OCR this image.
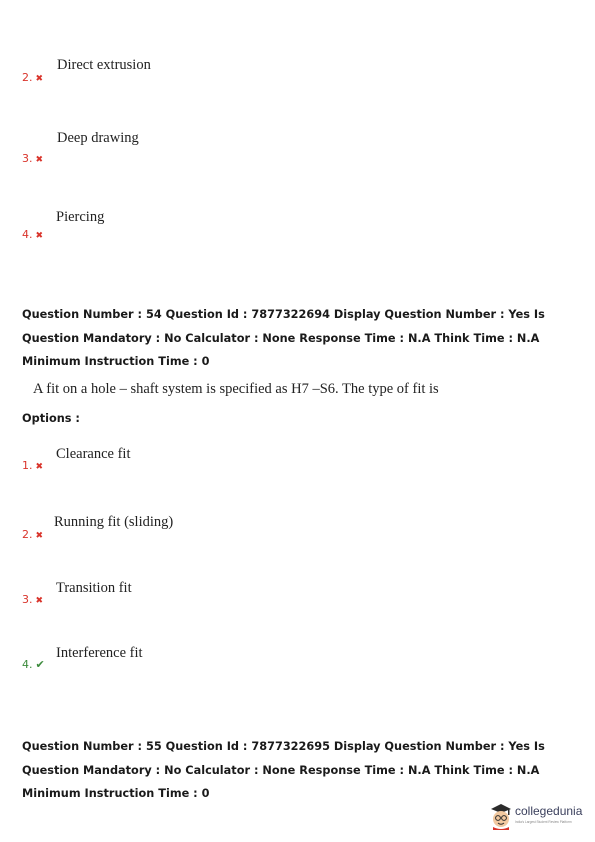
Direct extrusion
2. ✖
Deep drawing
3. ✖
Piercing
4. ✖
Question Number : 54 Question Id : 7877322694 Display Question Number : Yes Is Question Mandatory : No Calculator : None Response Time : N.A Think Time : N.A Minimum Instruction Time : 0
A fit on a hole – shaft system is specified as H7 –S6. The type of fit is
Options :
Clearance fit
1. ✖
Running fit (sliding)
2. ✖
Transition fit
3. ✖
Interference fit
4. ✔
Question Number : 55 Question Id : 7877322695 Display Question Number : Yes Is Question Mandatory : No Calculator : None Response Time : N.A Think Time : N.A Minimum Instruction Time : 0
collegedunia
India's Largest Student Review Platform
